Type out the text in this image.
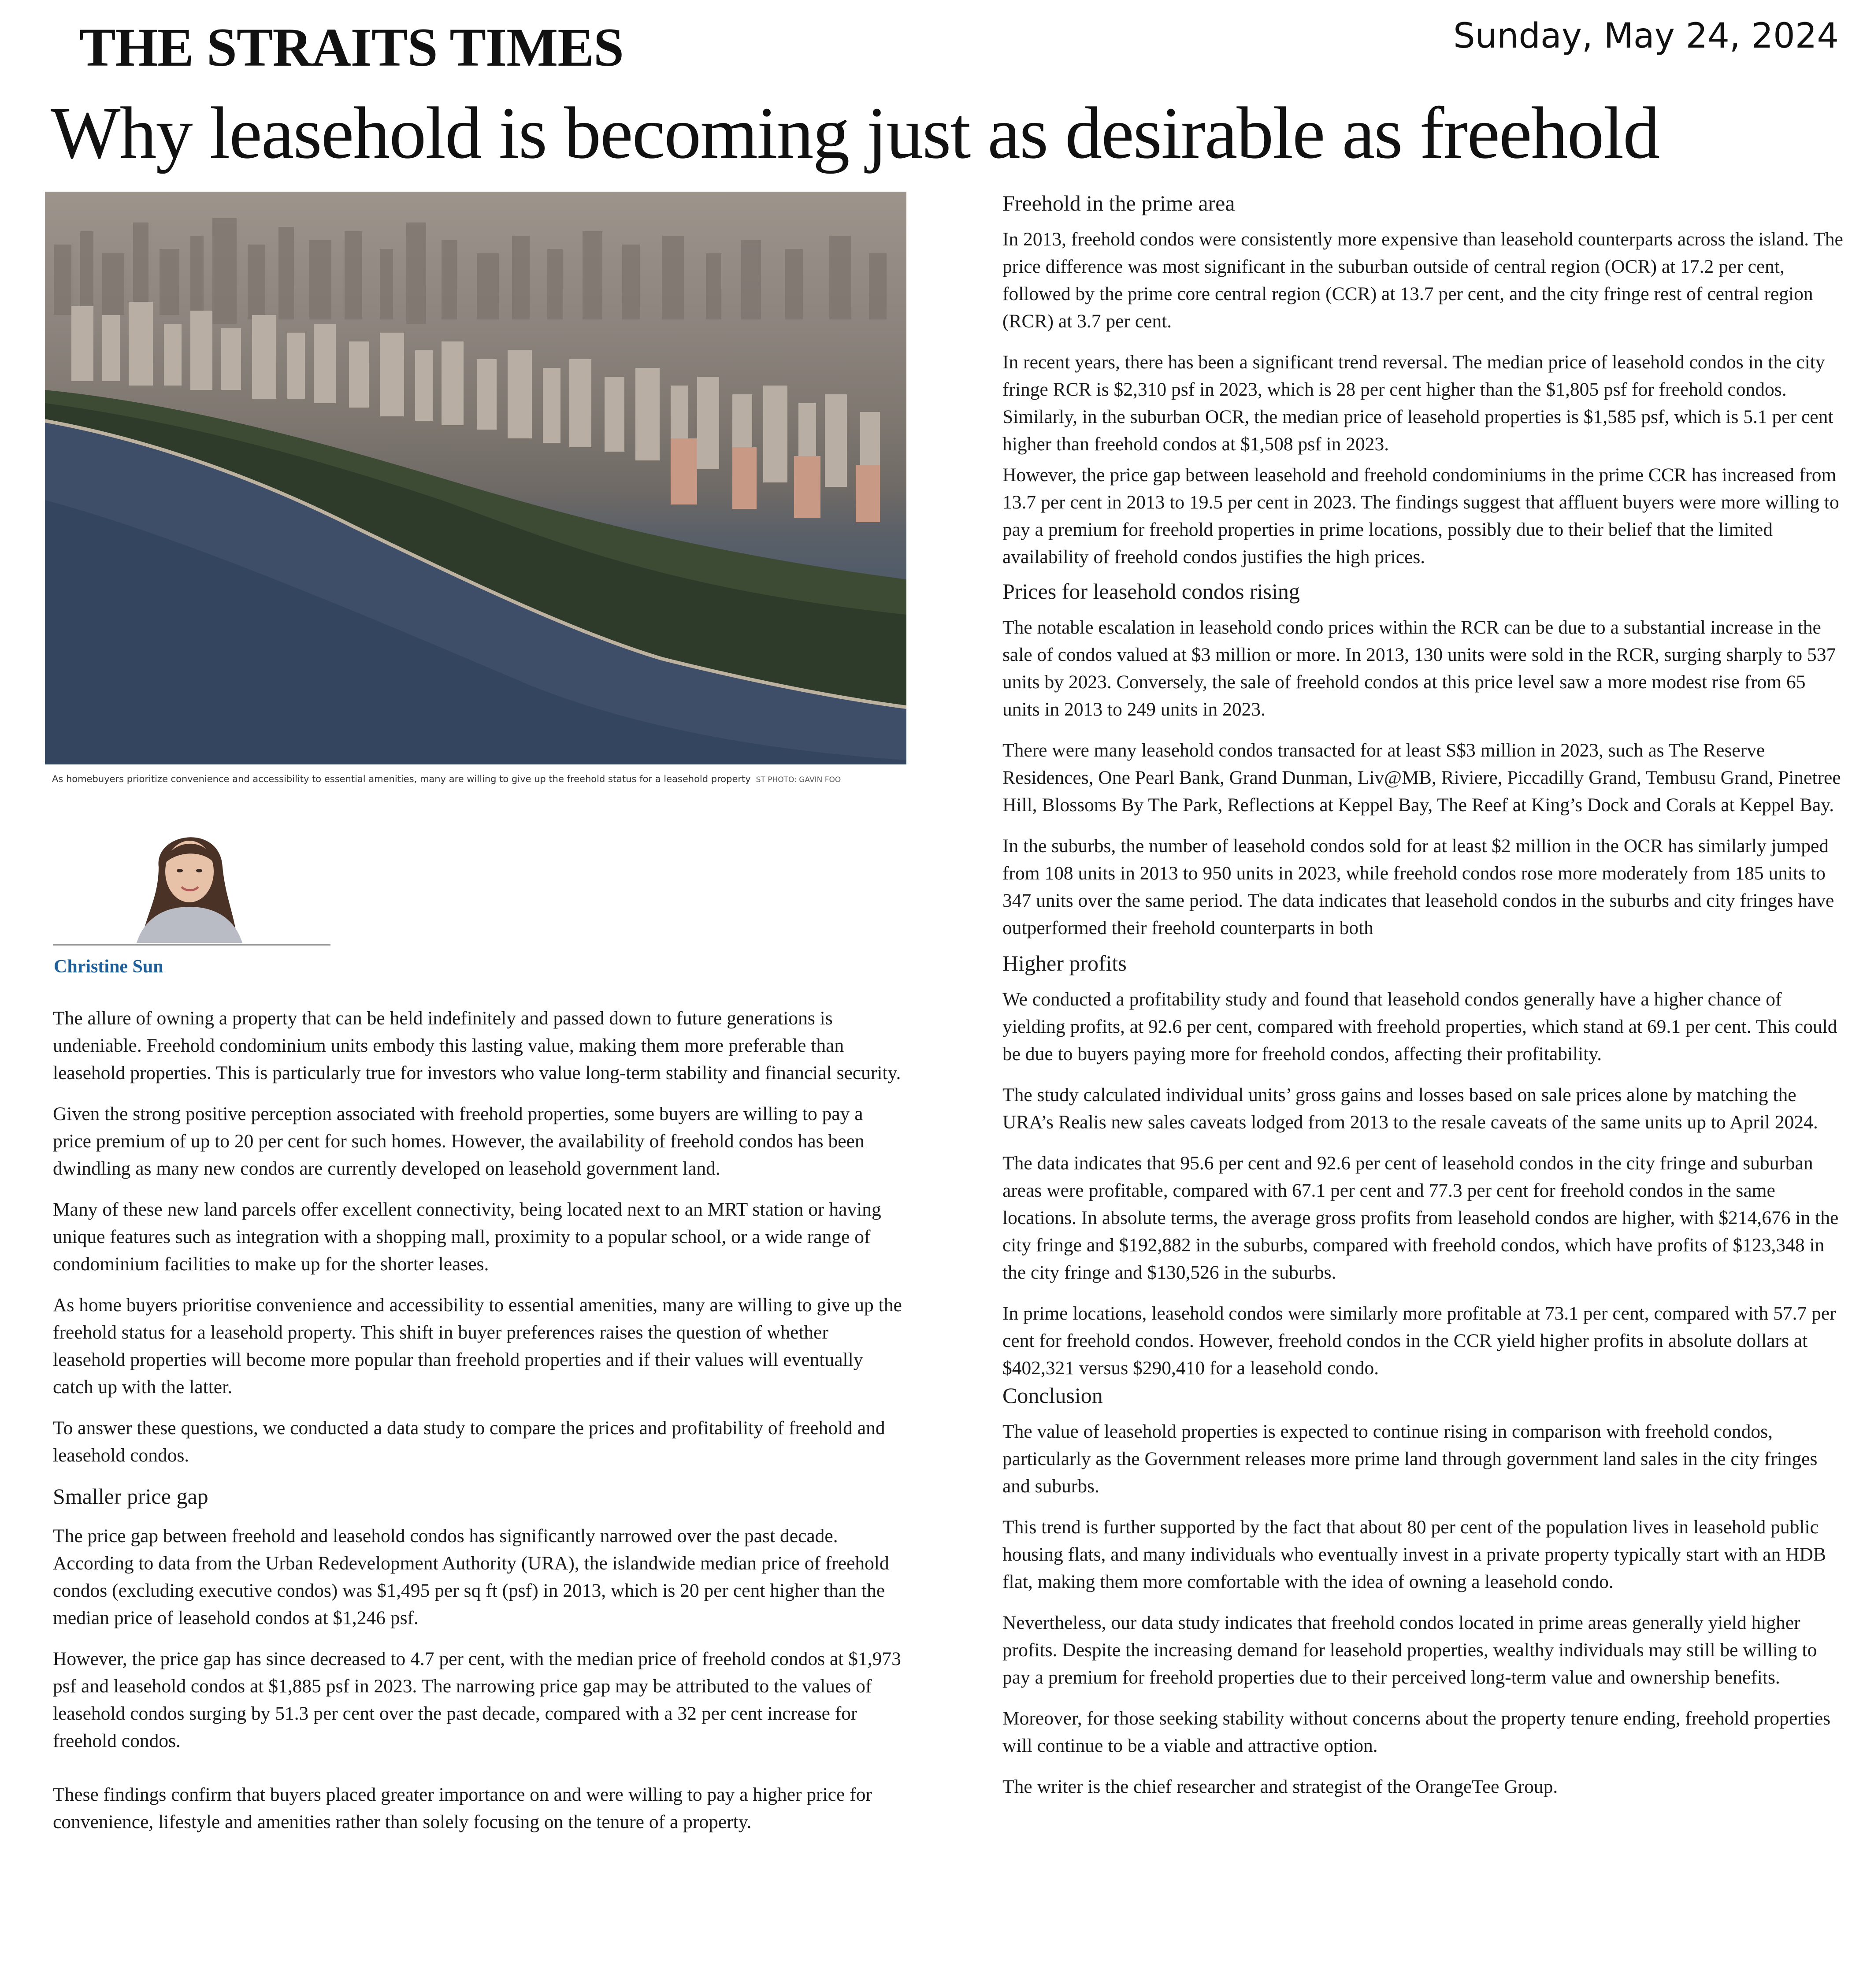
THE STRAITS TIMES	Sunday, May 24, 2024
Why leasehold is becoming just as desirable as freehold
As homebuyers prioritize convenience and accessibility to essential amenities, many are willing to give up the freehold status for a leasehold property ST PHOTO: GAVIN FOO
Christine Sun

The allure of owning a property that can be held indefinitely and passed down to future generations is undeniable. Freehold condominium units embody this lasting value, making them more preferable than leasehold properties. This is particularly true for investors who value long-term stability and financial security.

Given the strong positive perception associated with freehold properties, some buyers are willing to pay a price premium of up to 20 per cent for such homes. However, the availability of freehold condos has been dwindling as many new condos are currently developed on leasehold government land.

Many of these new land parcels offer excellent connectivity, being located next to an MRT station or having unique features such as integration with a shopping mall, proximity to a popular school, or a wide range of condominium facilities to make up for the shorter leases.

As home buyers prioritise convenience and accessibility to essential amenities, many are willing to give up the freehold status for a leasehold property. This shift in buyer preferences raises the question of whether leasehold properties will become more popular than freehold properties and if their values will eventually catch up with the latter.

To answer these questions, we conducted a data study to compare the prices and profitability of freehold and leasehold condos.

Smaller price gap

The price gap between freehold and leasehold condos has significantly narrowed over the past decade. According to data from the Urban Redevelopment Authority (URA), the islandwide median price of freehold condos (excluding executive condos) was $1,495 per sq ft (psf) in 2013, which is 20 per cent higher than the median price of leasehold condos at $1,246 psf.

However, the price gap has since decreased to 4.7 per cent, with the median price of freehold condos at $1,973 psf and leasehold condos at $1,885 psf in 2023. The narrowing price gap may be attributed to the values of leasehold condos surging by 51.3 per cent over the past decade, compared with a 32 per cent increase for freehold condos.

These findings confirm that buyers placed greater importance on and were willing to pay a higher price for convenience, lifestyle and amenities rather than solely focusing on the tenure of a property.

Freehold in the prime area

In 2013, freehold condos were consistently more expensive than leasehold counterparts across the island. The price difference was most significant in the suburban outside of central region (OCR) at 17.2 per cent, followed by the prime core central region (CCR) at 13.7 per cent, and the city fringe rest of central region (RCR) at 3.7 per cent.

In recent years, there has been a significant trend reversal. The median price of leasehold condos in the city fringe RCR is $2,310 psf in 2023, which is 28 per cent higher than the $1,805 psf for freehold condos. Similarly, in the suburban OCR, the median price of leasehold properties is $1,585 psf, which is 5.1 per cent higher than freehold condos at $1,508 psf in 2023.

However, the price gap between leasehold and freehold condominiums in the prime CCR has increased from 13.7 per cent in 2013 to 19.5 per cent in 2023. The findings suggest that affluent buyers were more willing to pay a premium for freehold properties in prime locations, possibly due to their belief that the limited availability of freehold condos justifies the high prices.

Prices for leasehold condos rising

The notable escalation in leasehold condo prices within the RCR can be due to a substantial increase in the sale of condos valued at $3 million or more. In 2013, 130 units were sold in the RCR, surging sharply to 537 units by 2023. Conversely, the sale of freehold condos at this price level saw a more modest rise from 65 units in 2013 to 249 units in 2023.

There were many leasehold condos transacted for at least S$3 million in 2023, such as The Reserve Residences, One Pearl Bank, Grand Dunman, Liv@MB, Riviere, Piccadilly Grand, Tembusu Grand, Pinetree Hill, Blossoms By The Park, Reflections at Keppel Bay, The Reef at King’s Dock and Corals at Keppel Bay.

In the suburbs, the number of leasehold condos sold for at least $2 million in the OCR has similarly jumped from 108 units in 2013 to 950 units in 2023, while freehold condos rose more moderately from 185 units to 347 units over the same period. The data indicates that leasehold condos in the suburbs and city fringes have outperformed their freehold counterparts in both

Higher profits

We conducted a profitability study and found that leasehold condos generally have a higher chance of yielding profits, at 92.6 per cent, compared with freehold properties, which stand at 69.1 per cent. This could be due to buyers paying more for freehold condos, affecting their profitability.

The study calculated individual units’ gross gains and losses based on sale prices alone by matching the URA’s Realis new sales caveats lodged from 2013 to the resale caveats of the same units up to April 2024.

The data indicates that 95.6 per cent and 92.6 per cent of leasehold condos in the city fringe and suburban areas were profitable, compared with 67.1 per cent and 77.3 per cent for freehold condos in the same locations. In absolute terms, the average gross profits from leasehold condos are higher, with $214,676 in the city fringe and $192,882 in the suburbs, compared with freehold condos, which have profits of $123,348 in the city fringe and $130,526 in the suburbs.

In prime locations, leasehold condos were similarly more profitable at 73.1 per cent, compared with 57.7 per cent for freehold condos. However, freehold condos in the CCR yield higher profits in absolute dollars at $402,321 versus $290,410 for a leasehold condo.

Conclusion

The value of leasehold properties is expected to continue rising in comparison with freehold condos, particularly as the Government releases more prime land through government land sales in the city fringes and suburbs.

This trend is further supported by the fact that about 80 per cent of the population lives in leasehold public housing flats, and many individuals who eventually invest in a private property typically start with an HDB flat, making them more comfortable with the idea of owning a leasehold condo.

Nevertheless, our data study indicates that freehold condos located in prime areas generally yield higher profits. Despite the increasing demand for leasehold properties, wealthy individuals may still be willing to pay a premium for freehold properties due to their perceived long-term value and ownership benefits.

Moreover, for those seeking stability without concerns about the property tenure ending, freehold properties will continue to be a viable and attractive option.

The writer is the chief researcher and strategist of the OrangeTee Group.
